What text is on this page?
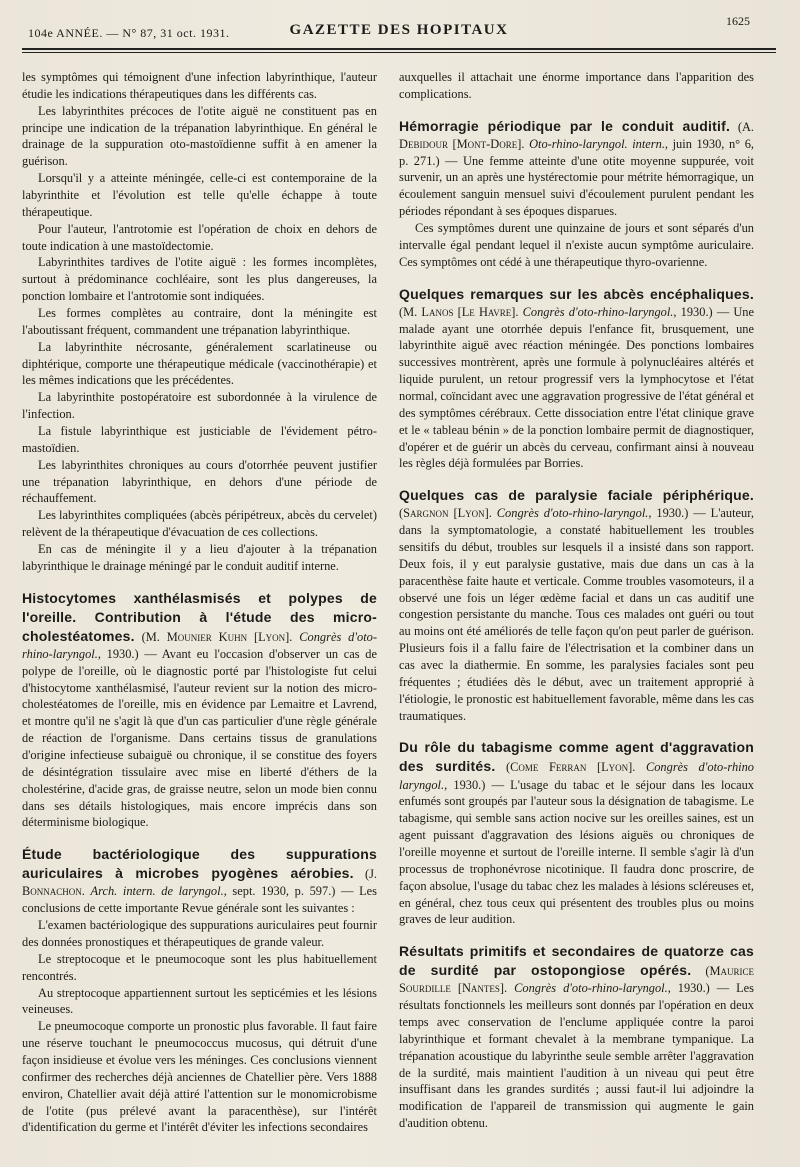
104e ANNÉE. — N° 87, 31 oct. 1931.	GAZETTE DES HOPITAUX
1625

les symptômes qui témoignent d'une infection labyrinthique, l'auteur étudie les indications thérapeutiques dans les différents cas.

Les labyrinthites précoces de l'otite aiguë ne constituent pas en principe une indication de la trépanation labyrinthique. En général le drainage de la suppuration oto-mastoïdienne suffit à en amener la guérison.

Lorsqu'il y a atteinte méningée, celle-ci est contemporaine de la labyrinthite et l'évolution est telle qu'elle échappe à toute thérapeutique.

Pour l'auteur, l'antrotomie est l'opération de choix en dehors de toute indication à une mastoïdectomie.

Labyrinthites tardives de l'otite aiguë : les formes incomplètes, surtout à prédominance cochléaire, sont les plus dangereuses, la ponction lombaire et l'antrotomie sont indiquées.

Les formes complètes au contraire, dont la méningite est l'aboutissant fréquent, commandent une trépanation labyrinthique.

La labyrinthite nécrosante, généralement scarlatineuse ou diphtérique, comporte une thérapeutique médicale (vaccinothérapie) et les mêmes indications que les précédentes.

La labyrinthite postopératoire est subordonnée à la virulence de l'infection.

La fistule labyrinthique est justiciable de l'évidement pétro-mastoïdien.

Les labyrinthites chroniques au cours d'otorrhée peuvent justifier une trépanation labyrinthique, en dehors d'une période de réchauffement.

Les labyrinthites compliquées (abcès péripétreux, abcès du cervelet) relèvent de la thérapeutique d'évacuation de ces collections.

En cas de méningite il y a lieu d'ajouter à la trépanation labyrinthique le drainage méningé par le conduit auditif interne.

Histocytomes xanthélasmisés et polypes de l'oreille. Contribution à l'étude des micro-cholestéatomes. (M. Mounier Kuhn [Lyon]. Congrès d'oto-rhino-laryngol., 1930.) — Avant eu l'occasion d'observer un cas de polype de l'oreille, où le diagnostic porté par l'histologiste fut celui d'histocytome xanthélasmisé, l'auteur revient sur la notion des micro-cholestéatomes de l'oreille, mis en évidence par Lemaitre et Lavrend, et montre qu'il ne s'agit là que d'un cas particulier d'une règle générale de réaction de l'organisme. Dans certains tissus de granulations d'origine infectieuse subaiguë ou chronique, il se constitue des foyers de désintégration tissulaire avec mise en liberté d'éthers de la cholestérine, d'acide gras, de graisse neutre, selon un mode bien connu dans ses détails histologiques, mais encore imprécis dans son déterminisme biologique.

Étude bactériologique des suppurations auriculaires à microbes pyogènes aérobies. (J. Bonnachon. Arch. intern. de laryngol., sept. 1930, p. 597.) — Les conclusions de cette importante Revue générale sont les suivantes :

L'examen bactériologique des suppurations auriculaires peut fournir des données pronostiques et thérapeutiques de grande valeur.

Le streptocoque et le pneumocoque sont les plus habituellement rencontrés.

Au streptocoque appartiennent surtout les septicémies et les lésions veineuses.

Le pneumocoque comporte un pronostic plus favorable. Il faut faire une réserve touchant le pneumococcus mucosus, qui détruit d'une façon insidieuse et évolue vers les méninges. Ces conclusions viennent confirmer des recherches déjà anciennes de Chatellier père. Vers 1888 environ, Chatellier avait déjà attiré l'attention sur le monomicrobisme de l'otite (pus prélevé avant la paracenthèse), sur l'intérêt d'identification du germe et l'intérêt d'éviter les infections secondaires

auxquelles il attachait une énorme importance dans l'apparition des complications.

Hémorragie périodique par le conduit auditif. (A. Debidour [Mont-Dore]. Oto-rhino-laryngol. intern., juin 1930, n° 6, p. 271.) — Une femme atteinte d'une otite moyenne suppurée, voit survenir, un an après une hystérectomie pour métrite hémorragique, un écoulement sanguin mensuel suivi d'écoulement purulent pendant les périodes répondant à ses époques disparues.

Ces symptômes durent une quinzaine de jours et sont séparés d'un intervalle égal pendant lequel il n'existe aucun symptôme auriculaire. Ces symptômes ont cédé à une thérapeutique thyro-ovarienne.

Quelques remarques sur les abcès encéphaliques. (M. Lanos [Le Havre]. Congrès d'oto-rhino-laryngol., 1930.) — Une malade ayant une otorrhée depuis l'enfance fit, brusquement, une labyrinthite aiguë avec réaction méningée. Des ponctions lombaires successives montrèrent, après une formule à polynucléaires altérés et liquide purulent, un retour progressif vers la lymphocytose et l'état normal, coïncidant avec une aggravation progressive de l'état général et des symptômes cérébraux. Cette dissociation entre l'état clinique grave et le « tableau bénin » de la ponction lombaire permit de diagnostiquer, d'opérer et de guérir un abcès du cerveau, confirmant ainsi à nouveau les règles déjà formulées par Borries.

Quelques cas de paralysie faciale périphérique. (Sargnon [Lyon]. Congrès d'oto-rhino-laryngol., 1930.) — L'auteur, dans la symptomatologie, a constaté habituellement les troubles sensitifs du début, troubles sur lesquels il a insisté dans son rapport. Deux fois, il y eut paralysie gustative, mais due dans un cas à la paracenthèse faite haute et verticale. Comme troubles vasomoteurs, il a observé une fois un léger œdème facial et dans un cas auditif une congestion persistante du manche. Tous ces malades ont guéri ou tout au moins ont été améliorés de telle façon qu'on peut parler de guérison. Plusieurs fois il a fallu faire de l'électrisation et la combiner dans un cas avec la diathermie. En somme, les paralysies faciales sont peu fréquentes ; étudiées dès le début, avec un traitement approprié à l'étiologie, le pronostic est habituellement favorable, même dans les cas traumatiques.

Du rôle du tabagisme comme agent d'aggravation des surdités. (Come Ferran [Lyon]. Congrès d'oto-rhino laryngol., 1930.) — L'usage du tabac et le séjour dans les locaux enfumés sont groupés par l'auteur sous la désignation de tabagisme. Le tabagisme, qui semble sans action nocive sur les oreilles saines, est un agent puissant d'aggravation des lésions aiguës ou chroniques de l'oreille moyenne et surtout de l'oreille interne. Il semble s'agir là d'un processus de trophonévrose nicotinique. Il faudra donc proscrire, de façon absolue, l'usage du tabac chez les malades à lésions scléreuses et, en général, chez tous ceux qui présentent des troubles plus ou moins graves de leur audition.

Résultats primitifs et secondaires de quatorze cas de surdité par ostopongiose opérés. (Maurice Sourdille [Nantes]. Congrès d'oto-rhino-laryngol., 1930.) — Les résultats fonctionnels les meilleurs sont donnés par l'opération en deux temps avec conservation de l'enclume appliquée contre la paroi labyrinthique et formant chevalet à la membrane tympanique. La trépanation acoustique du labyrinthe seule semble arrêter l'aggravation de la surdité, mais maintient l'audition à un niveau qui peut être insuffisant dans les grandes surdités ; aussi faut-il lui adjoindre la modification de l'appareil de transmission qui augmente le gain d'audition obtenu.
